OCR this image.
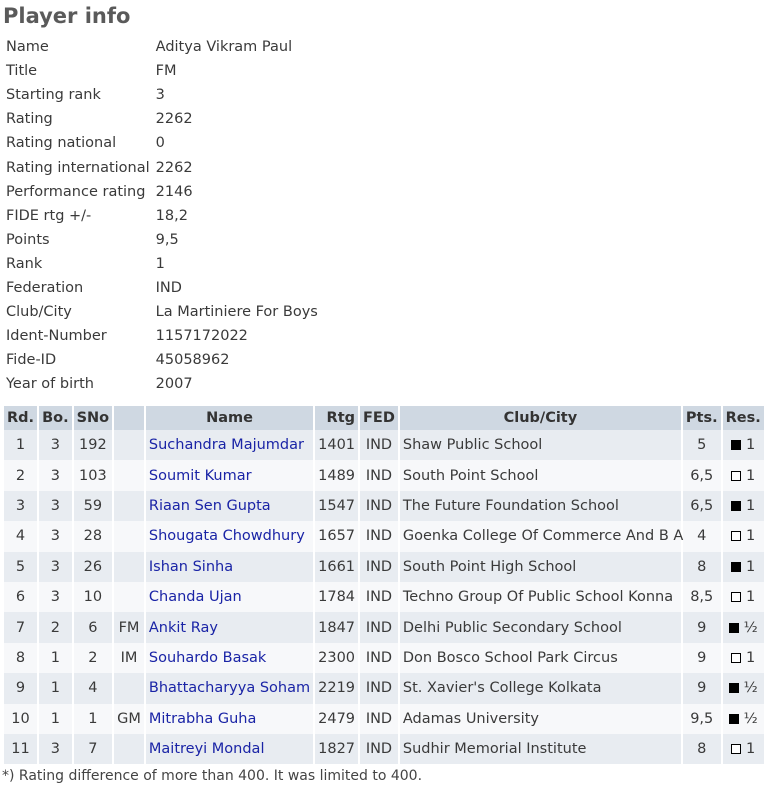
Player info
Name	Aditya Vikram Paul
Title	FM
Starting rank	3
Rating	2262
Rating national	0
Rating international	2262
Performance rating	2146
FIDE rtg +/-	18,2
Points	9,5
Rank	1
Federation	IND
Club/City	La Martiniere For Boys
Ident-Number	1157172022
Fide-ID	45058962
Year of birth	2007
Rd.	Bo.	SNo		Name	Rtg	FED	Club/City	Pts.	Res.
1	3	192		Suchandra Majumdar	1401	IND	Shaw Public School	5	1
2	3	103		Soumit Kumar	1489	IND	South Point School	6,5	1
3	3	59		Riaan Sen Gupta	1547	IND	The Future Foundation School	6,5	1
4	3	28		Shougata Chowdhury	1657	IND	Goenka College Of Commerce And B A	4	1
5	3	26		Ishan Sinha	1661	IND	South Point High School	8	1
6	3	10		Chanda Ujan	1784	IND	Techno Group Of Public School Konna	8,5	1
7	2	6	FM	Ankit Ray	1847	IND	Delhi Public Secondary School	9	½
8	1	2	IM	Souhardo Basak	2300	IND	Don Bosco School Park Circus	9	1
9	1	4		Bhattacharyya Soham	2219	IND	St. Xavier's College Kolkata	9	½
10	1	1	GM	Mitrabha Guha	2479	IND	Adamas University	9,5	½
11	3	7		Maitreyi Mondal	1827	IND	Sudhir Memorial Institute	8	1
*) Rating difference of more than 400. It was limited to 400.
